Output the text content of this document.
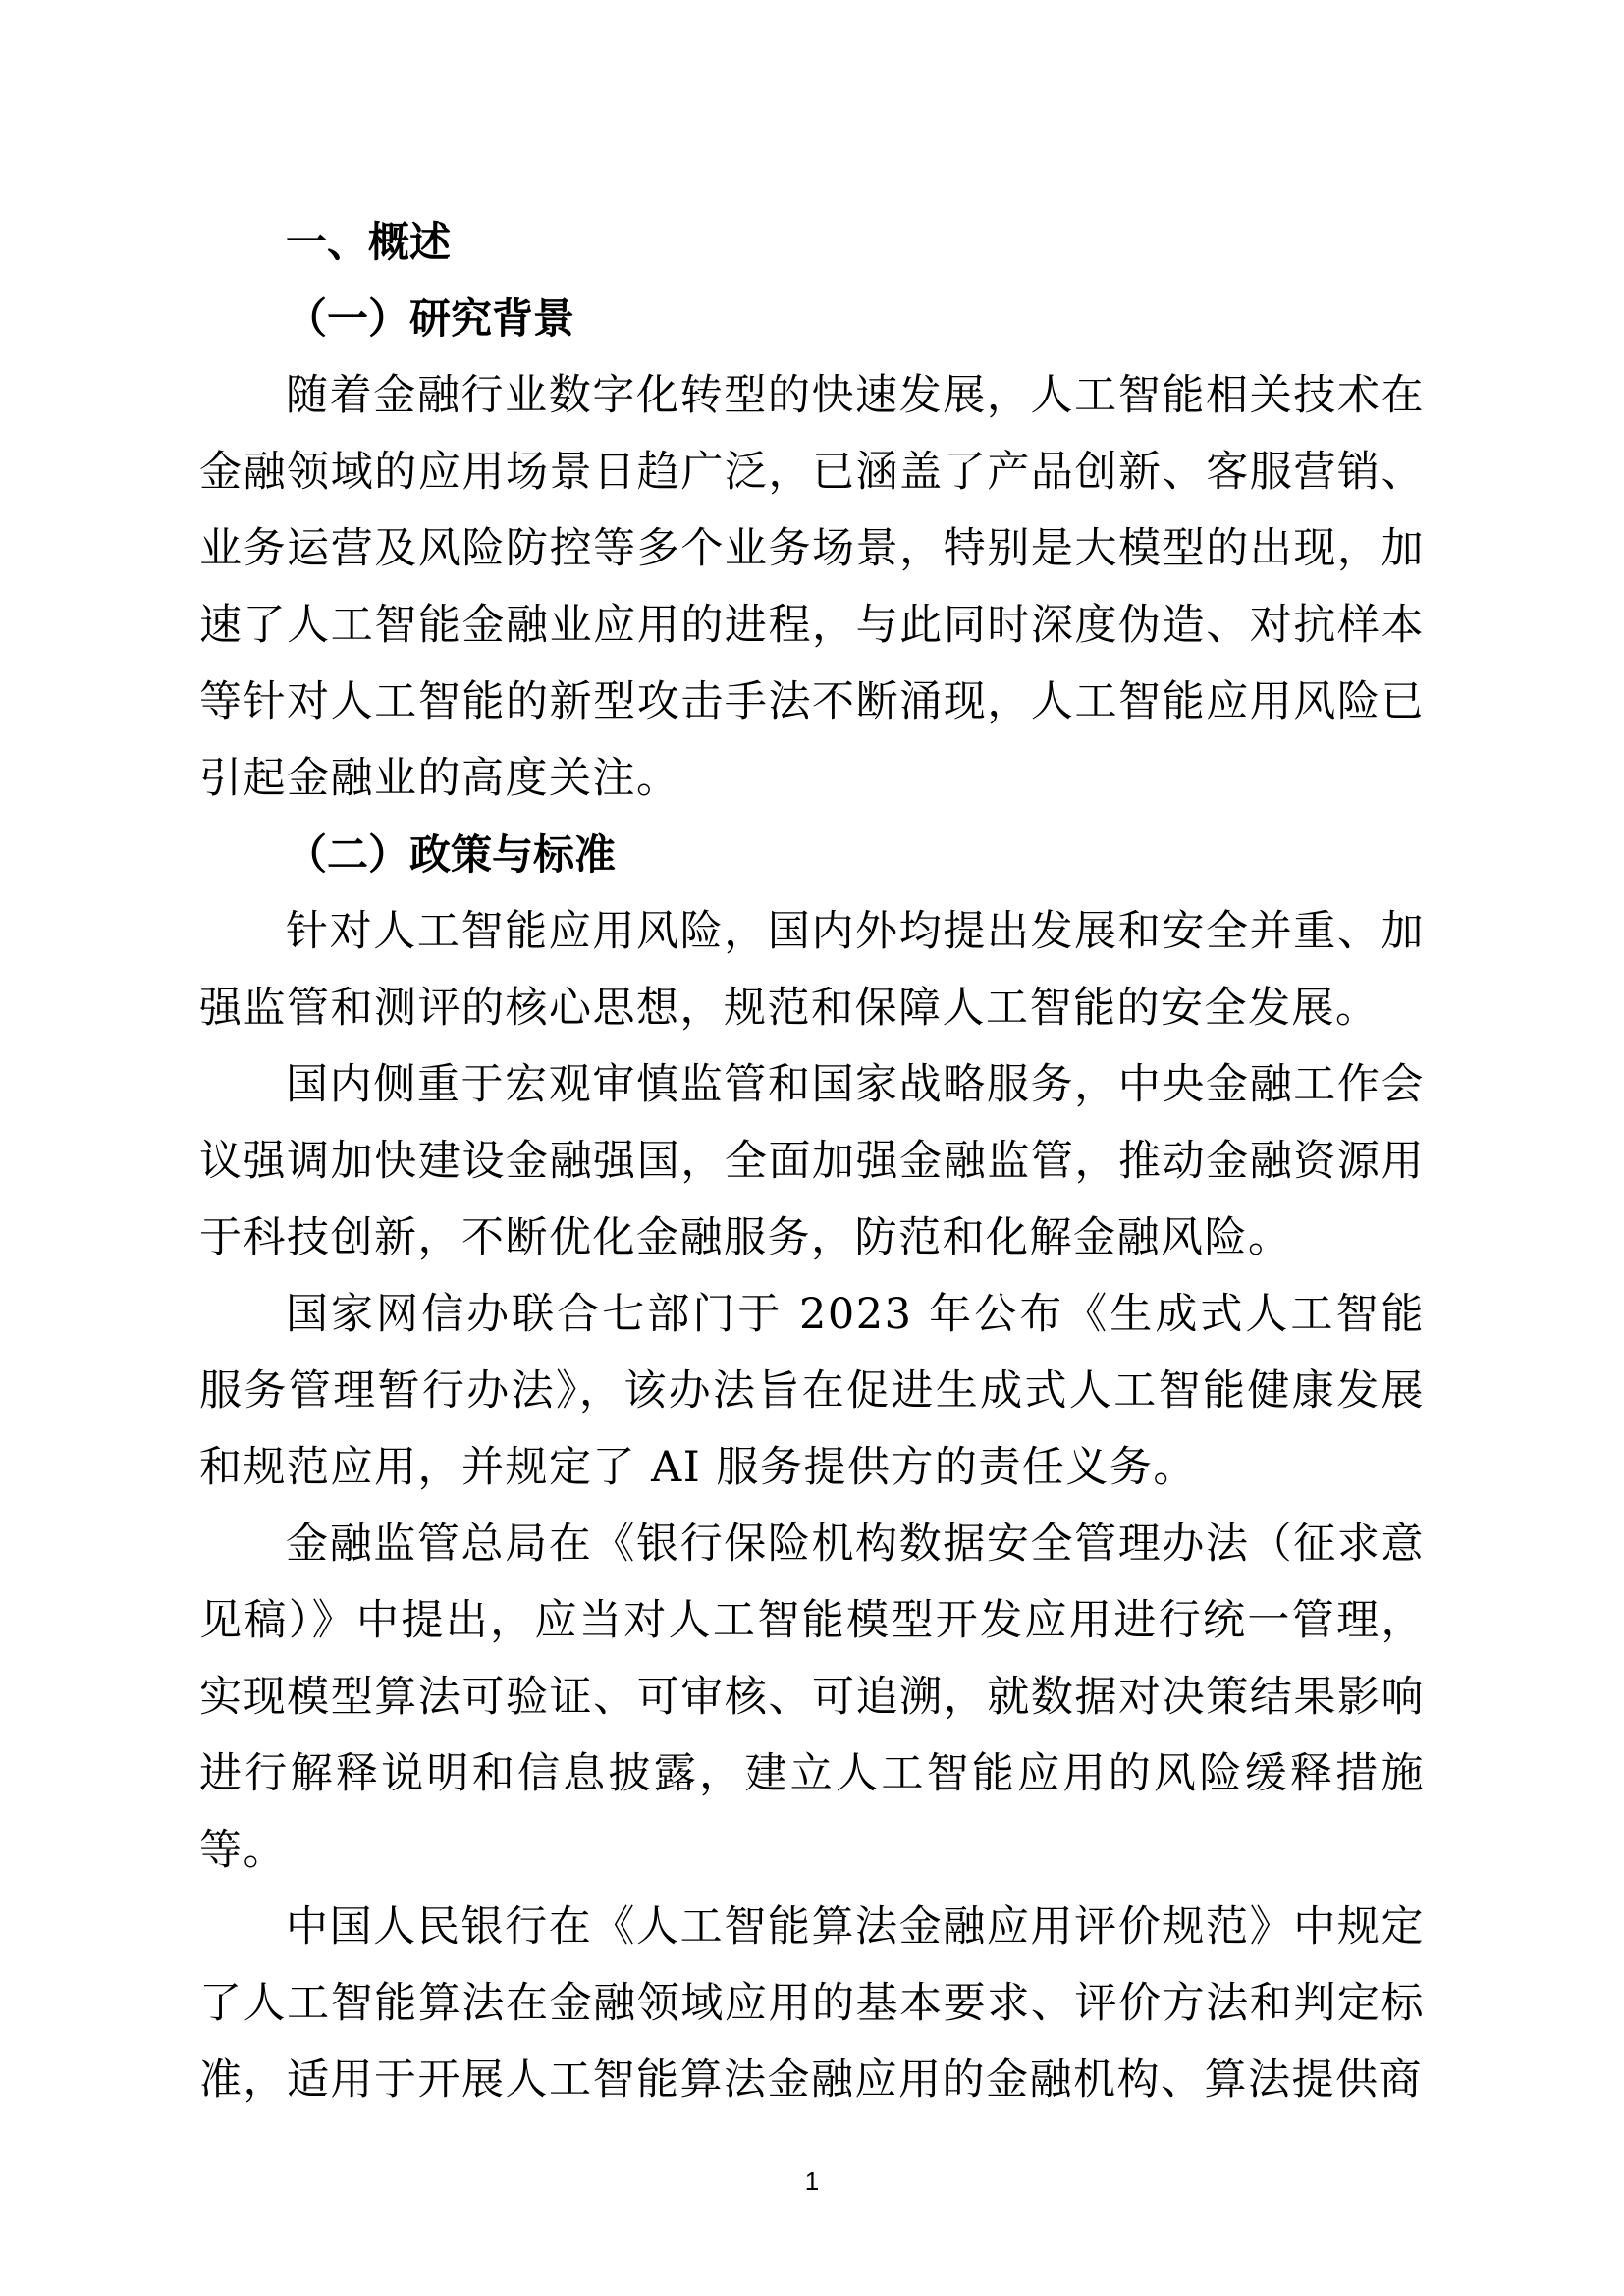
一、概述
（一）研究背景

随着金融行业数字化转型的快速发展，人工智能相关技术在金融领域的应用场景日趋广泛，已涵盖了产品创新、客服营销、业务运营及风险防控等多个业务场景，特别是大模型的出现，加速了人工智能金融业应用的进程，与此同时深度伪造、对抗样本等针对人工智能的新型攻击手法不断涌现，人工智能应用风险已引起金融业的高度关注。

（二）政策与标准

针对人工智能应用风险，国内外均提出发展和安全并重、加强监管和测评的核心思想，规范和保障人工智能的安全发展。

国内侧重于宏观审慎监管和国家战略服务，中央金融工作会议强调加快建设金融强国，全面加强金融监管，推动金融资源用于科技创新，不断优化金融服务，防范和化解金融风险。

国家网信办联合七部门于 2023 年公布《生成式人工智能服务管理暂行办法》，该办法旨在促进生成式人工智能健康发展和规范应用，并规定了 AI 服务提供方的责任义务。

金融监管总局在《银行保险机构数据安全管理办法（征求意见稿）》中提出，应当对人工智能模型开发应用进行统一管理，实现模型算法可验证、可审核、可追溯，就数据对决策结果影响进行解释说明和信息披露，建立人工智能应用的风险缓释措施等。

中国人民银行在《人工智能算法金融应用评价规范》中规定了人工智能算法在金融领域应用的基本要求、评价方法和判定标准，适用于开展人工智能算法金融应用的金融机构、算法提供商

1
